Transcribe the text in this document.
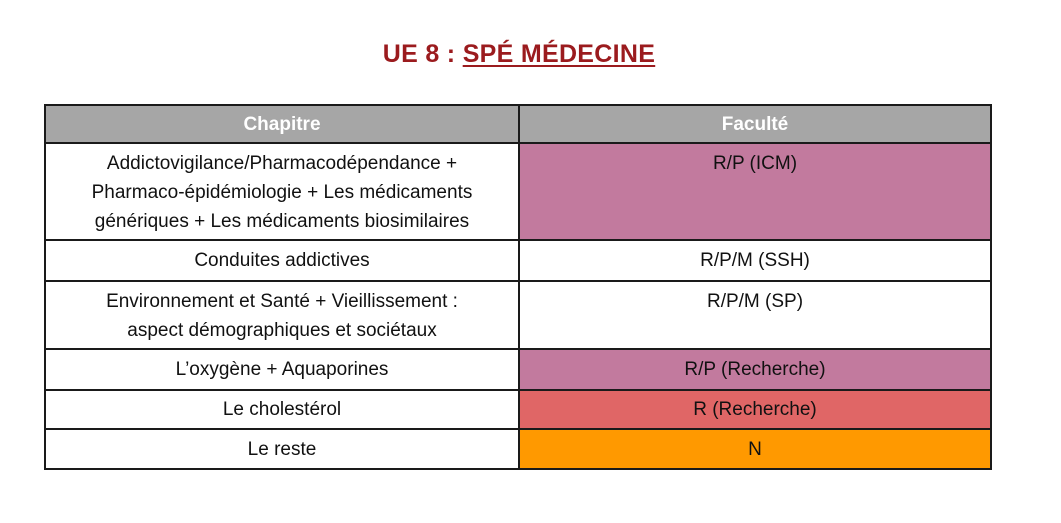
UE 8 : SPÉ MÉDECINE
Chapitre	Faculté

Addictovigilance/Pharmacodépendance +
Pharmaco-épidémiologie + Les médicaments
génériques + Les médicaments biosimilaires	R/P (ICM)

Conduites addictives	R/P/M (SSH)

Environnement et Santé + Vieillissement :
aspect démographiques et sociétaux	R/P/M (SP)

L’oxygène + Aquaporines	R/P (Recherche)

Le cholestérol	R (Recherche)

Le reste	N
